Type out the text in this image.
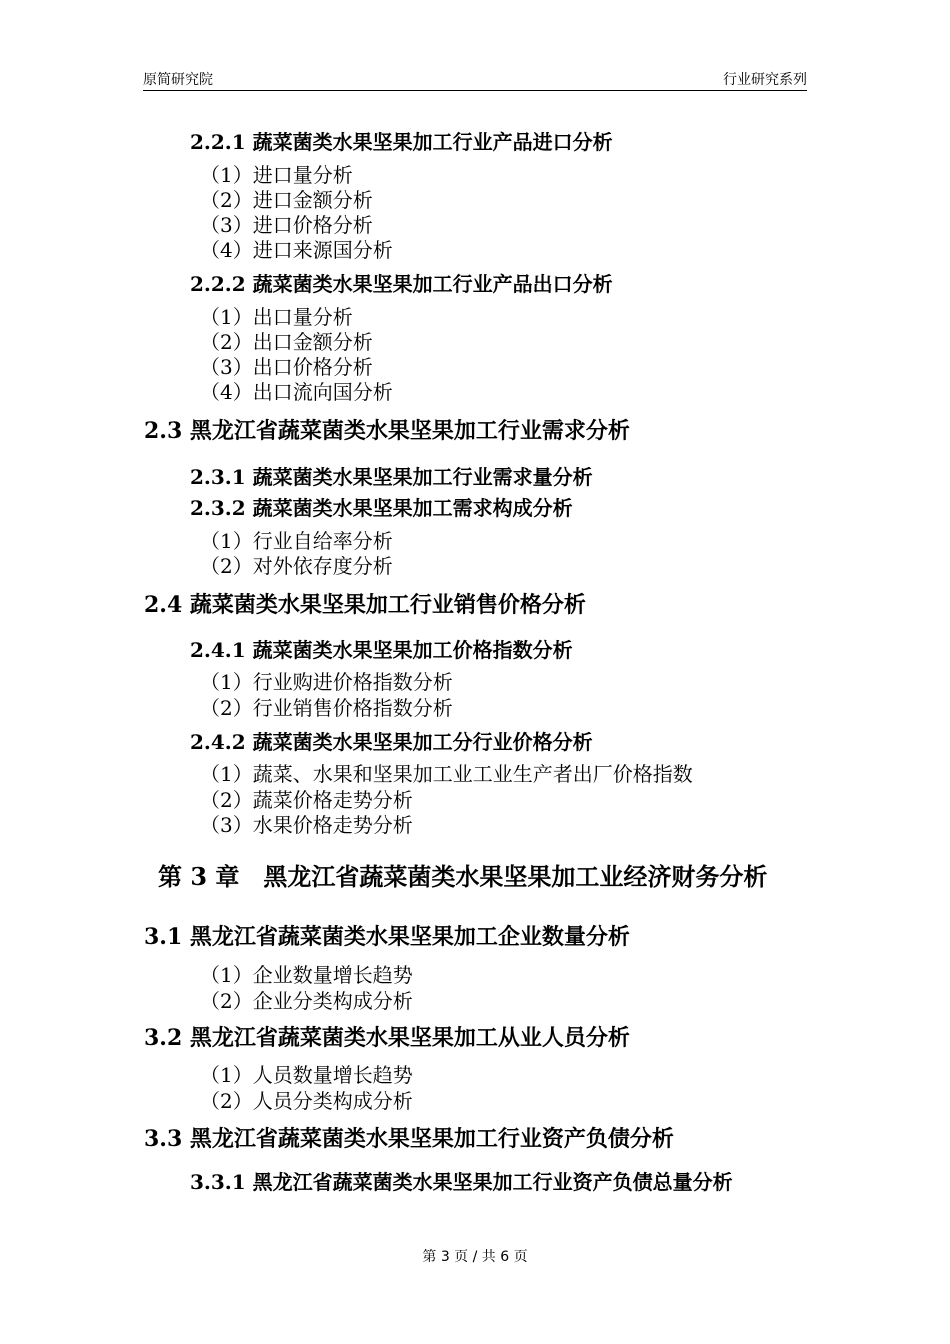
原简研究院	行业研究系列
2.2.1 蔬菜菌类水果坚果加工行业产品进口分析
（1）进口量分析
（2）进口金额分析
（3）进口价格分析
（4）进口来源国分析
2.2.2 蔬菜菌类水果坚果加工行业产品出口分析
（1）出口量分析
（2）出口金额分析
（3）出口价格分析
（4）出口流向国分析
2.3 黑龙江省蔬菜菌类水果坚果加工行业需求分析
2.3.1 蔬菜菌类水果坚果加工行业需求量分析
2.3.2 蔬菜菌类水果坚果加工需求构成分析
（1）行业自给率分析
（2）对外依存度分析
2.4 蔬菜菌类水果坚果加工行业销售价格分析
2.4.1 蔬菜菌类水果坚果加工价格指数分析
（1）行业购进价格指数分析
（2）行业销售价格指数分析
2.4.2 蔬菜菌类水果坚果加工分行业价格分析
（1）蔬菜、水果和坚果加工业工业生产者出厂价格指数
（2）蔬菜价格走势分析
（3）水果价格走势分析
第 3 章　黑龙江省蔬菜菌类水果坚果加工业经济财务分析
3.1 黑龙江省蔬菜菌类水果坚果加工企业数量分析
（1）企业数量增长趋势
（2）企业分类构成分析
3.2 黑龙江省蔬菜菌类水果坚果加工从业人员分析
（1）人员数量增长趋势
（2）人员分类构成分析
3.3 黑龙江省蔬菜菌类水果坚果加工行业资产负债分析
3.3.1 黑龙江省蔬菜菌类水果坚果加工行业资产负债总量分析
第 3 页 / 共 6 页
